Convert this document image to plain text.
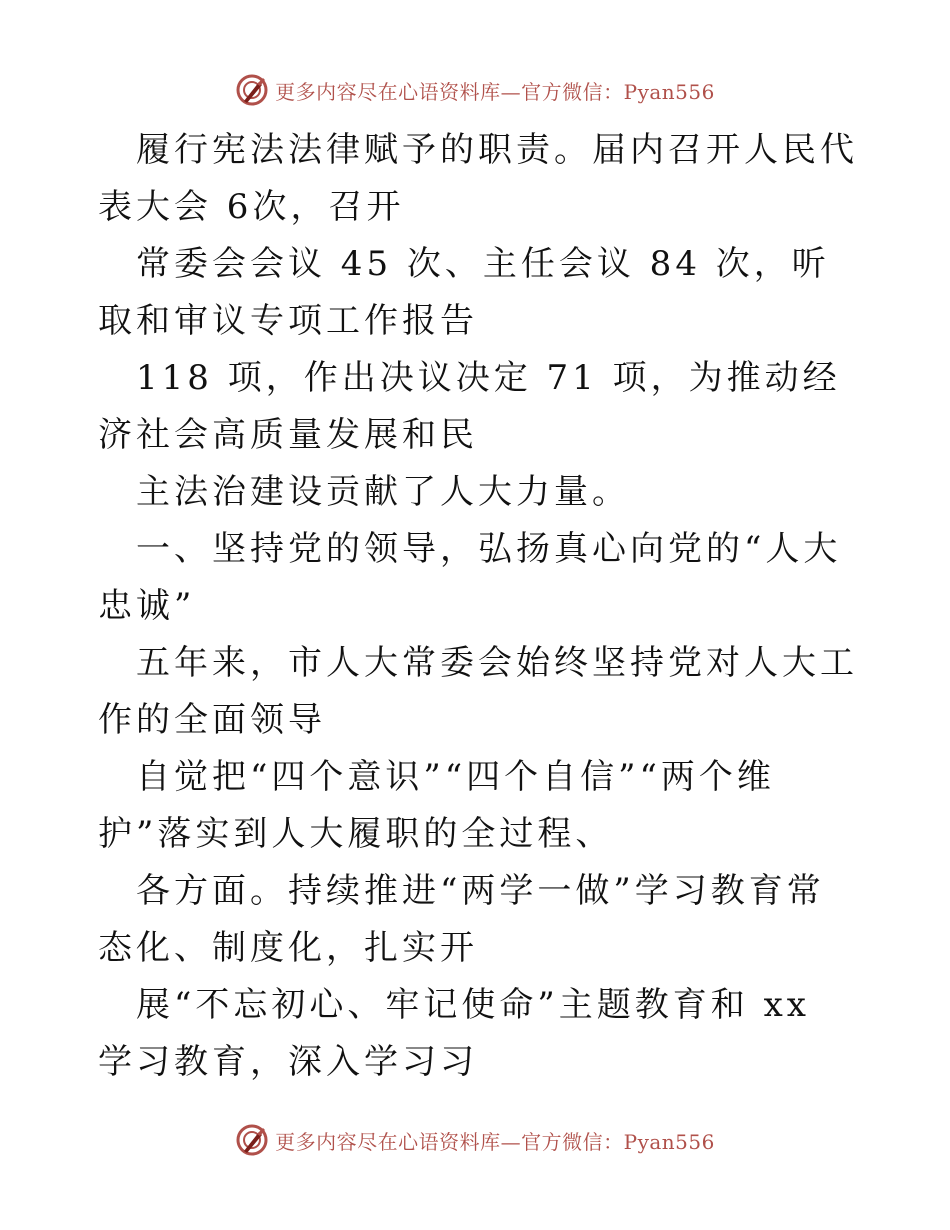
更多内容尽在心语资料库—官方微信：Pyan556

履行宪法法律赋予的职责。届内召开人民代表大会 6次，召开

常委会会议 45 次、主任会议 84 次，听取和审议专项工作报告

118 项，作出决议决定 71 项，为推动经济社会高质量发展和民

主法治建设贡献了人大力量。

一、坚持党的领导，弘扬真心向党的“人大忠诚”

五年来，市人大常委会始终坚持党对人大工作的全面领导

自觉把“四个意识”“四个自信”“两个维护”落实到人大履职的全过程、

各方面。持续推进“两学一做”学习教育常态化、制度化，扎实开

展“不忘初心、牢记使命”主题教育和 xx 学习教育，深入学习习

更多内容尽在心语资料库—官方微信：Pyan556
